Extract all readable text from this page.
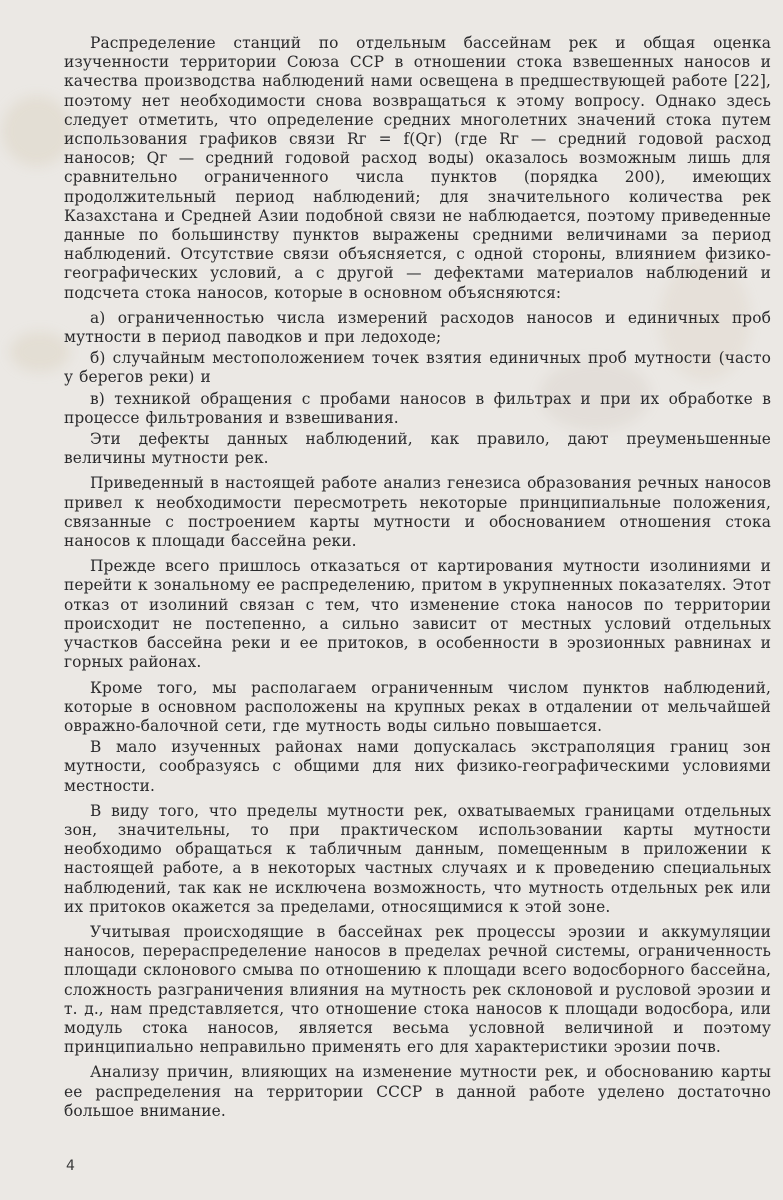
Распределение станций по отдельным бассейнам рек и общая оценка изученности территории Союза ССР в отношении стока взвешенных наносов и качества производства наблюдений нами освещена в предшествующей работе [22], поэтому нет необходимости снова возвращаться к этому вопросу. Однако здесь следует отметить, что определение средних многолетних значений стока путем использования графиков связи Rг = f(Qг) (где Rг — средний годовой расход наносов; Qг — средний годовой расход воды) оказалось возможным лишь для сравнительно ограниченного числа пунктов (порядка 200), имеющих продолжительный период наблюдений; для значительного количества рек Казахстана и Средней Азии подобной связи не наблюдается, поэтому приведенные данные по большинству пунктов выражены средними величинами за период наблюдений. Отсутствие связи объясняется, с одной стороны, влиянием физико-географических условий, а с другой — дефектами материалов наблюдений и подсчета стока наносов, которые в основном объясняются:

а) ограниченностью числа измерений расходов наносов и единичных проб мутности в период паводков и при ледоходе;

б) случайным местоположением точек взятия единичных проб мутности (часто у берегов реки) и

в) техникой обращения с пробами наносов в фильтрах и при их обработке в процессе фильтрования и взвешивания.

Эти дефекты данных наблюдений, как правило, дают преуменьшенные величины мутности рек.

Приведенный в настоящей работе анализ генезиса образования речных наносов привел к необходимости пересмотреть некоторые принципиальные положения, связанные с построением карты мутности и обоснованием отношения стока наносов к площади бассейна реки.

Прежде всего пришлось отказаться от картирования мутности изолиниями и перейти к зональному ее распределению, притом в укрупненных показателях. Этот отказ от изолиний связан с тем, что изменение стока наносов по территории происходит не постепенно, а сильно зависит от местных условий отдельных участков бассейна реки и ее притоков, в особенности в эрозионных равнинах и горных районах.

Кроме того, мы располагаем ограниченным числом пунктов наблюдений, которые в основном расположены на крупных реках в отдалении от мельчайшей овражно-балочной сети, где мутность воды сильно повышается.

В мало изученных районах нами допускалась экстраполяция границ зон мутности, сообразуясь с общими для них физико-географическими условиями местности.

В виду того, что пределы мутности рек, охватываемых границами отдельных зон, значительны, то при практическом использовании карты мутности необходимо обращаться к табличным данным, помещенным в приложении к настоящей работе, а в некоторых частных случаях и к проведению специальных наблюдений, так как не исключена возможность, что мутность отдельных рек или их притоков окажется за пределами, относящимися к этой зоне.

Учитывая происходящие в бассейнах рек процессы эрозии и аккумуляции наносов, перераспределение наносов в пределах речной системы, ограниченность площади склонового смыва по отношению к площади всего водосборного бассейна, сложность разграничения влияния на мутность рек склоновой и русловой эрозии и т. д., нам представляется, что отношение стока наносов к площади водосбора, или модуль стока наносов, является весьма условной величиной и поэтому принципиально неправильно применять его для характеристики эрозии почв.

Анализу причин, влияющих на изменение мутности рек, и обоснованию карты ее распределения на территории СССР в данной работе уделено достаточно большое внимание.

4
